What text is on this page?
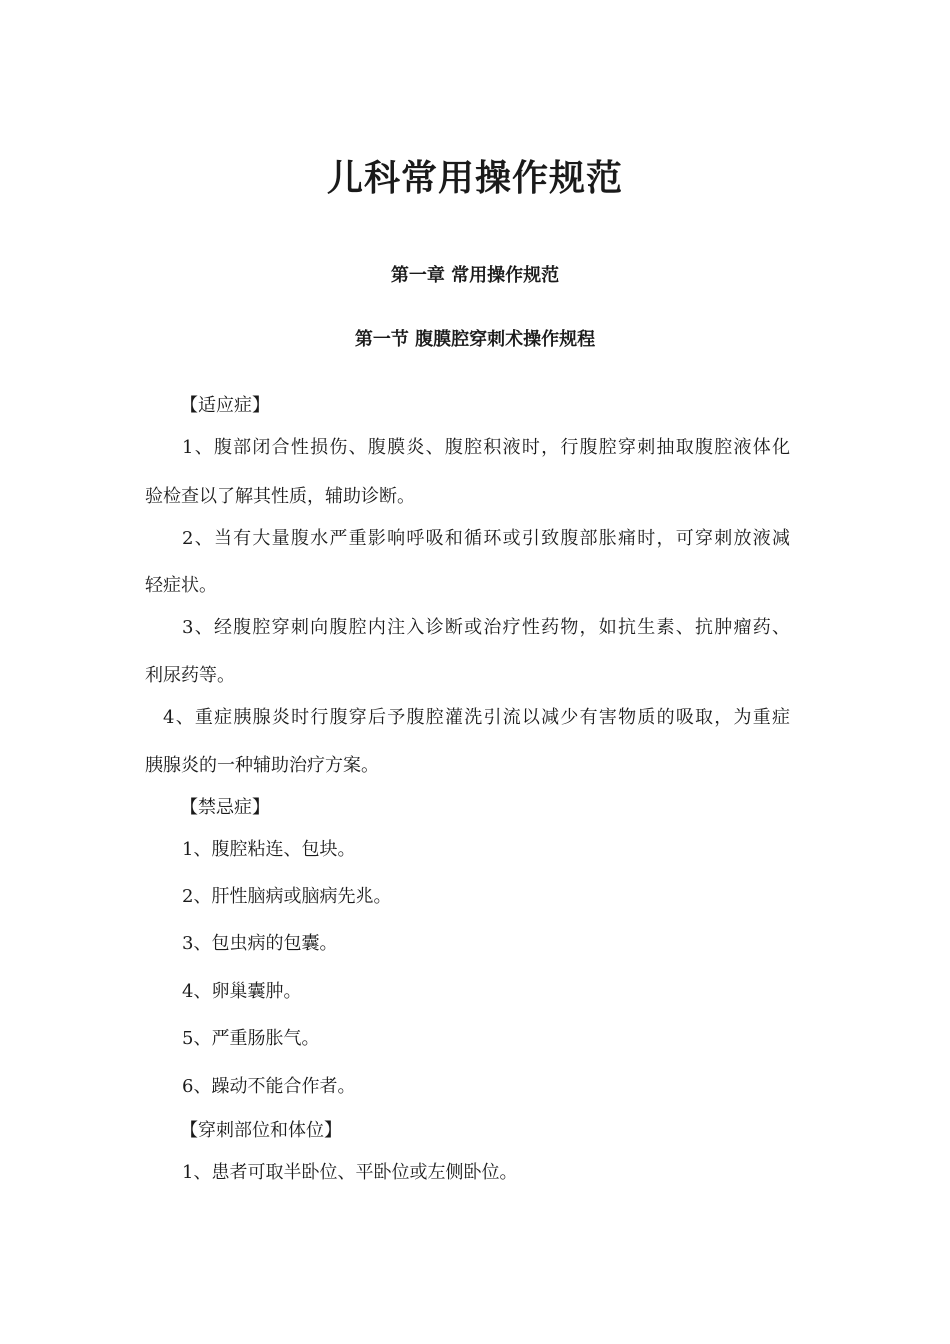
儿科常用操作规范
第一章 常用操作规范
第一节 腹膜腔穿刺术操作规程
【适应症】
1、腹部闭合性损伤、腹膜炎、腹腔积液时，行腹腔穿刺抽取腹腔液体化
验检查以了解其性质，辅助诊断。
2、当有大量腹水严重影响呼吸和循环或引致腹部胀痛时，可穿刺放液减
轻症状。
3、经腹腔穿刺向腹腔内注入诊断或治疗性药物，如抗生素、抗肿瘤药、
利尿药等。
4、重症胰腺炎时行腹穿后予腹腔灌洗引流以减少有害物质的吸取，为重症
胰腺炎的一种辅助治疗方案。
【禁忌症】
1、腹腔粘连、包块。
2、肝性脑病或脑病先兆。
3、包虫病的包囊。
4、卵巢囊肿。
5、严重肠胀气。
6、躁动不能合作者。
【穿刺部位和体位】
1、患者可取半卧位、平卧位或左侧卧位。
